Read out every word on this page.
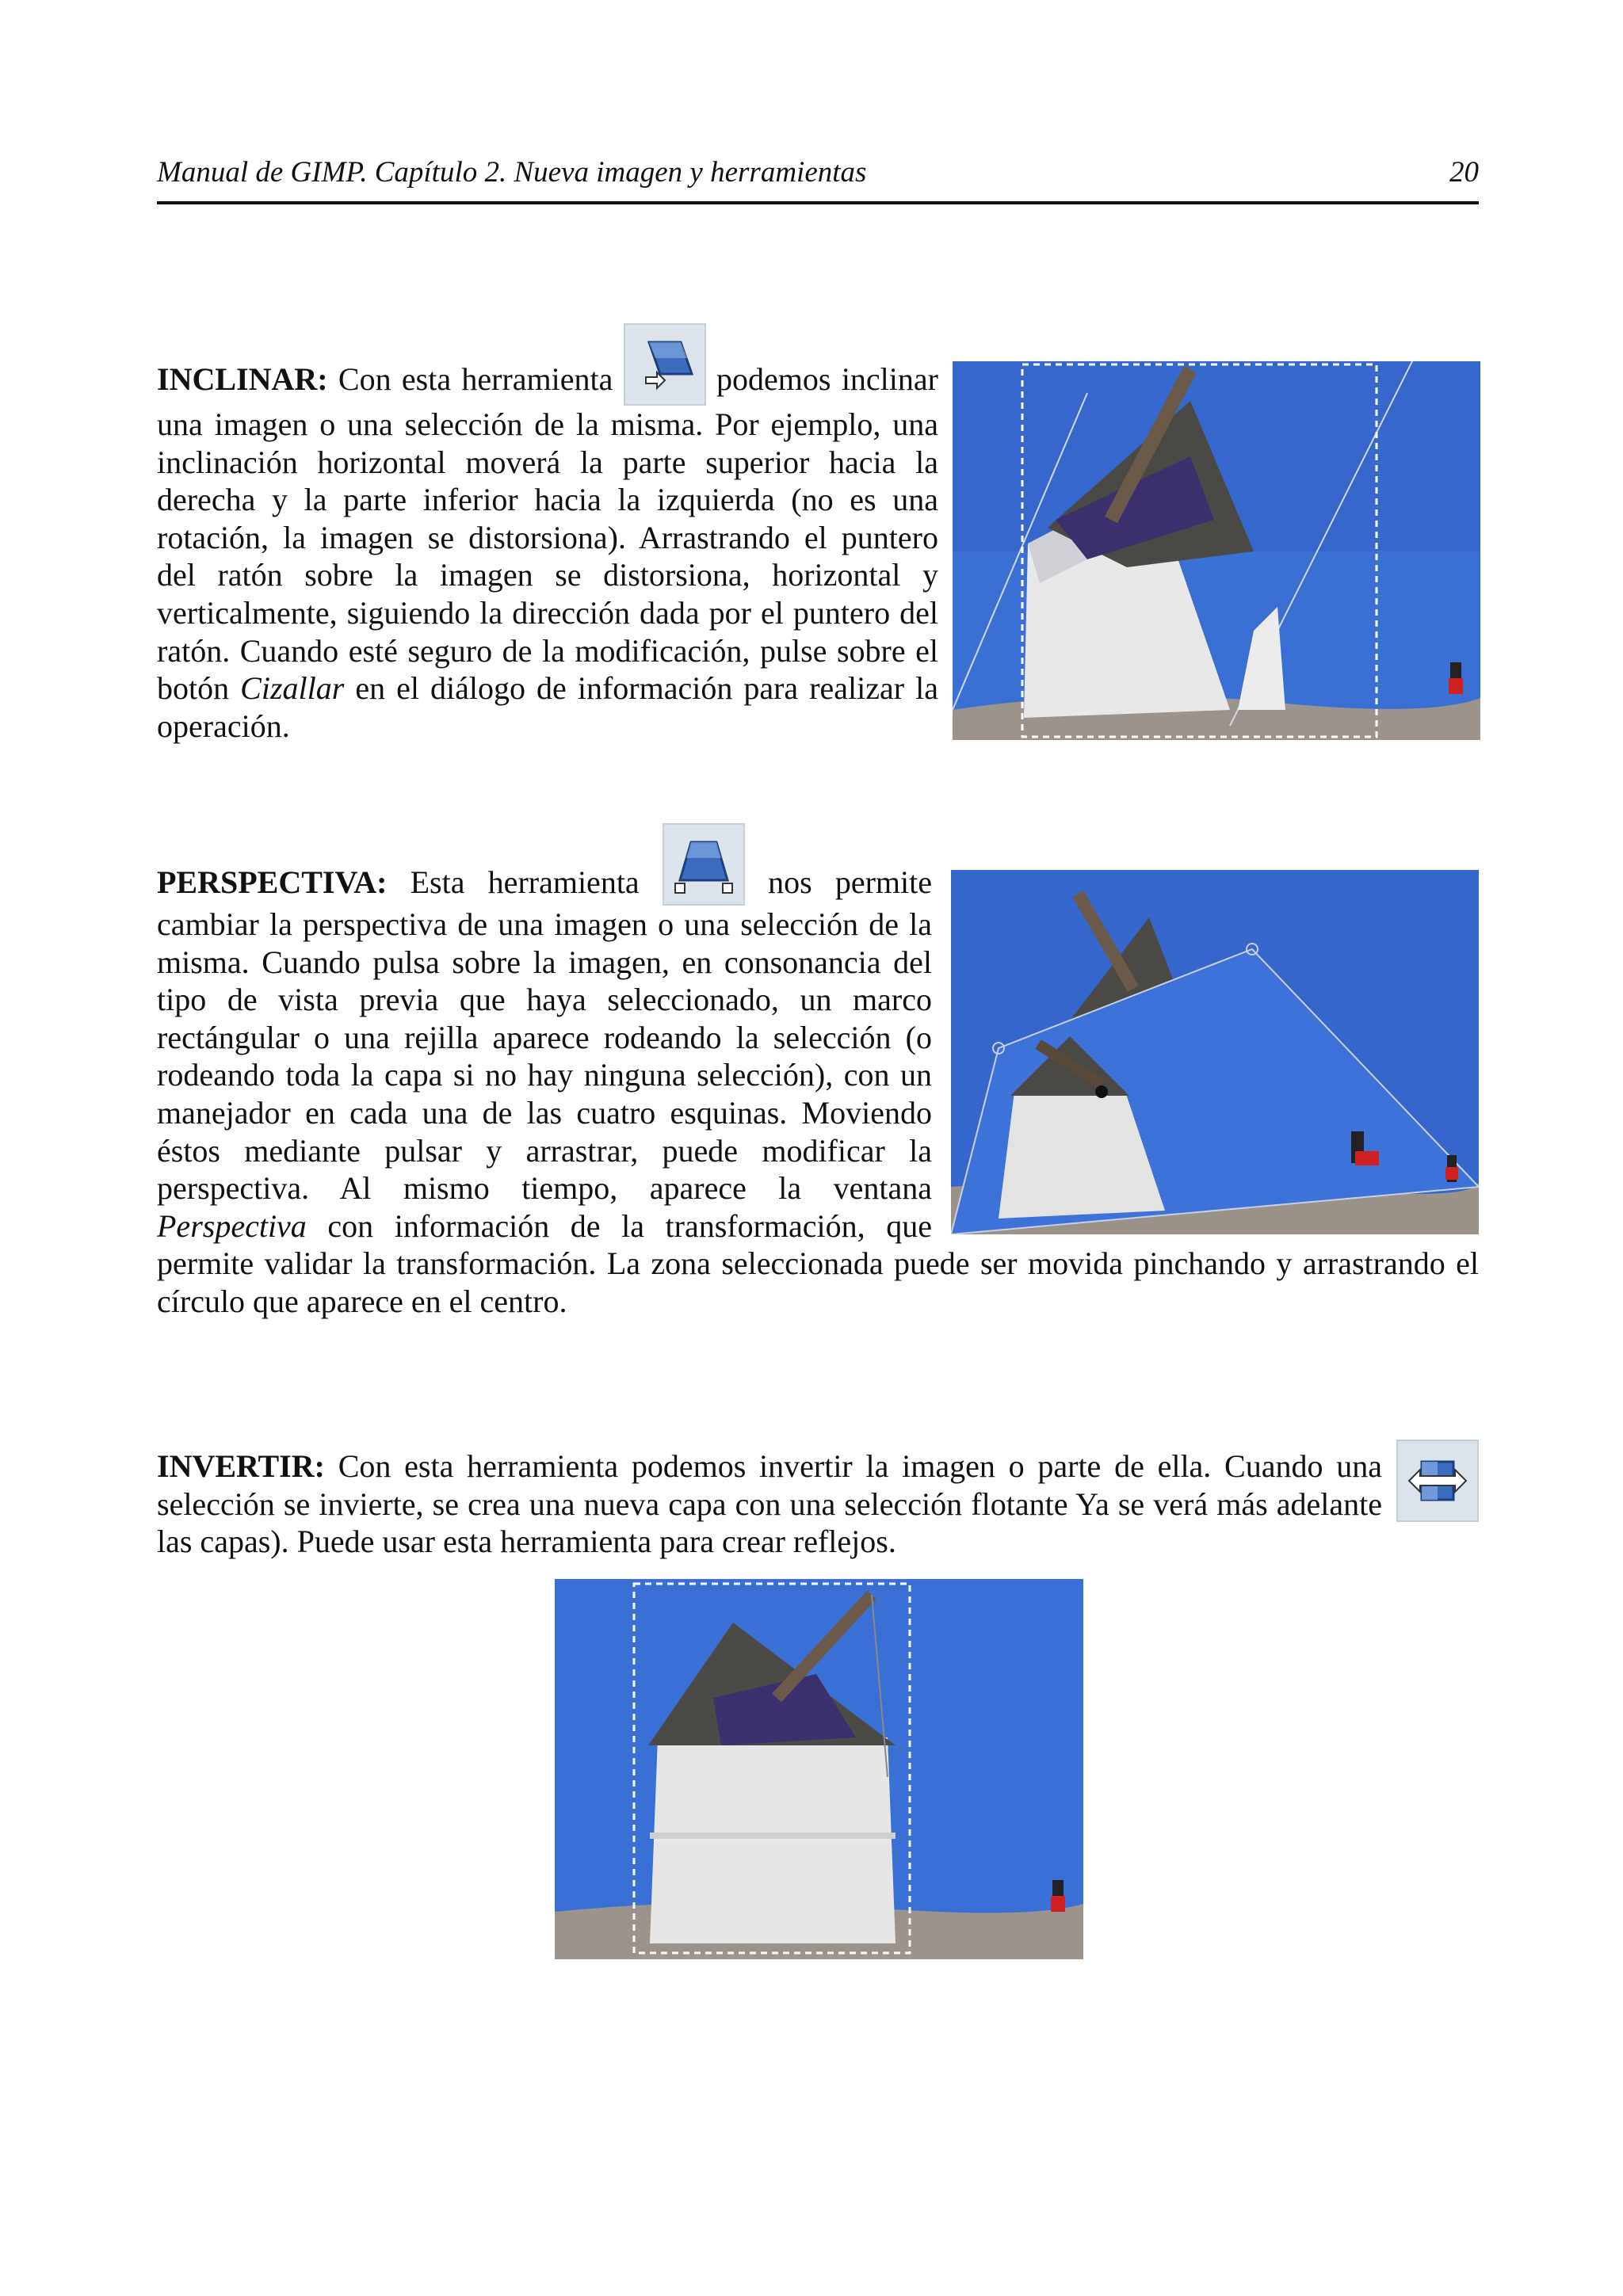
Manual de GIMP. Capítulo 2. Nueva imagen y herramientas	20
INCLINAR: Con esta herramienta	podemos inclinar una imagen o una selección de la misma. Por ejemplo, una inclinación horizontal moverá la parte superior hacia la derecha y la parte inferior hacia la izquierda (no es una rotación, la imagen se distorsiona). Arrastrando el puntero del ratón sobre la imagen se distorsiona, horizontal y verticalmente, siguiendo la dirección dada por el puntero del ratón. Cuando esté seguro de la modificación, pulse sobre el botón Cizallar en el diálogo de información para realizar la operación.
PERSPECTIVA: Esta herramienta	nos permite cambiar la perspectiva de una imagen o una selección de la misma. Cuando pulsa sobre la imagen, en consonancia del tipo de vista previa que haya seleccionado, un marco rectángular o una rejilla aparece rodeando la selección (o rodeando toda la capa si no hay ninguna selección), con un manejador en cada una de las cuatro esquinas. Moviendo éstos mediante pulsar y arrastrar, puede modificar la perspectiva. Al mismo tiempo, aparece la ventana Perspectiva con información de la transformación, que permite validar la transformación. La zona seleccionada puede ser movida pinchando y arrastrando el círculo que aparece en el centro.
INVERTIR: Con esta herramienta podemos invertir la imagen o parte de ella. Cuando una selección se invierte, se crea una nueva capa con una selección flotante Ya se verá más adelante las capas). Puede usar esta herramienta para crear reflejos.
